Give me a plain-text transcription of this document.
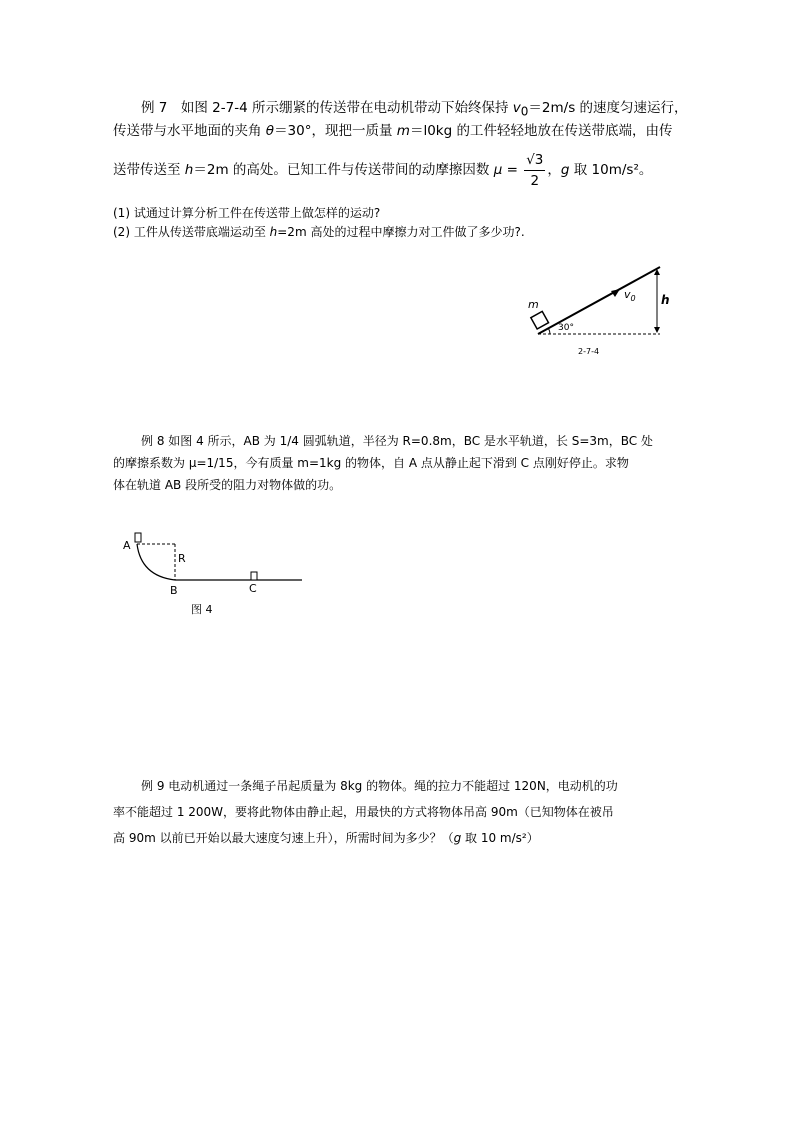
例 7　如图 2-7-4 所示绷紧的传送带在电动机带动下始终保持 $v_0=2m/s$ 的速度匀速运行，
传送带与水平地面的夹角 θ＝30°，现把一质量 m＝l0kg 的工件轻轻地放在传送带底端，由传
送带传送至 h＝2m 的高处。已知工件与传送带间的动摩擦因数 $\mu = \frac{√3}{2}$ ，g 取 10m/s²。
(1) 试通过计算分析工件在传送带上做怎样的运动?
(2) 工件从传送带底端运动至 h=2m 高处的过程中摩擦力对工件做了多少功?.
m
$v_0$ h
30°
2-7-4
例 8 如图 4 所示，AB 为 1/4 圆弧轨道，半径为 R=0.8m，BC 是水平轨道，长 S=3m，BC 处
的摩擦系数为 μ=1/15，今有质量 m=1kg 的物体，自 A 点从静止起下滑到 C 点刚好停止。求物
体在轨道 AB 段所受的阻力对物体做的功。
A
R
B	C
图 4
例 9 电动机通过一条绳子吊起质量为 8kg 的物体。绳的拉力不能超过 120N，电动机的功
率不能超过 1 200W，要将此物体由静止起，用最快的方式将物体吊高 90m（已知物体在被吊
高 90m 以前已开始以最大速度匀速上升），所需时间为多少？（g 取 10 m/s²）
